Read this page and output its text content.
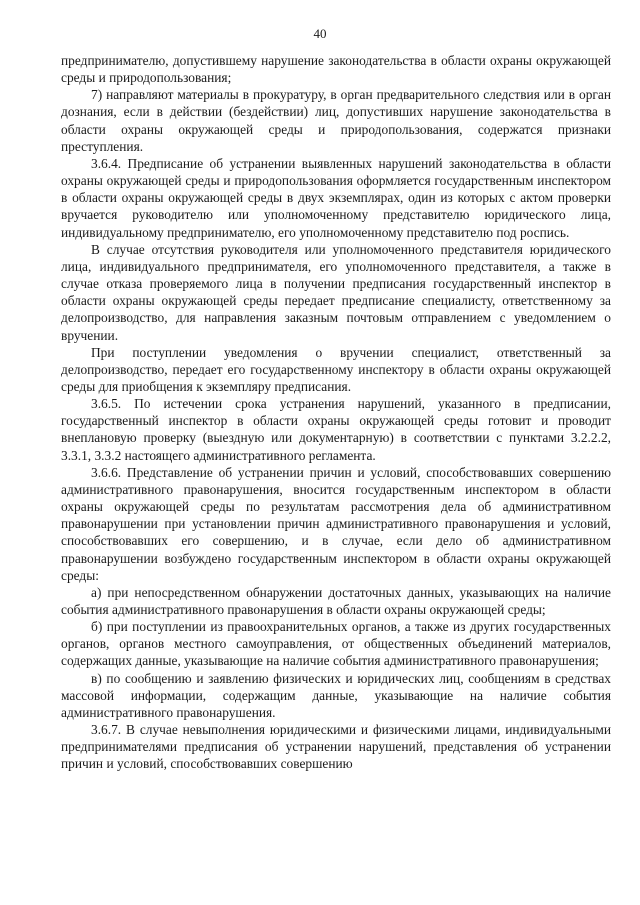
40

предпринимателю, допустившему нарушение законодательства в области охраны окружающей среды и природопользования;

7) направляют материалы в прокуратуру, в орган предварительного следствия или в орган дознания, если в действии (бездействии) лиц, допустивших нарушение законодательства в области охраны окружающей среды и природопользования, содержатся признаки преступления.

3.6.4. Предписание об устранении выявленных нарушений законодательства в области охраны окружающей среды и природопользования оформляется государственным инспектором в области охраны окружающей среды в двух экземплярах, один из которых с актом проверки вручается руководителю или уполномоченному представителю юридического лица, индивидуальному предпринимателю, его уполномоченному представителю под роспись.

В случае отсутствия руководителя или уполномоченного представителя юридического лица, индивидуального предпринимателя, его уполномоченного представителя, а также в случае отказа проверяемого лица в получении предписания государственный инспектор в области охраны окружающей среды передает предписание специалисту, ответственному за делопроизводство, для направления заказным почтовым отправлением с уведомлением о вручении.

При поступлении уведомления о вручении специалист, ответственный за делопроизводство, передает его государственному инспектору в области охраны окружающей среды для приобщения к экземпляру предписания.

3.6.5. По истечении срока устранения нарушений, указанного в предписании, государственный инспектор в области охраны окружающей среды готовит и проводит внеплановую проверку (выездную или документарную) в соответствии с пунктами 3.2.2.2, 3.3.1, 3.3.2 настоящего административного регламента.

3.6.6. Представление об устранении причин и условий, способствовавших совершению административного правонарушения, вносится государственным инспектором в области охраны окружающей среды по результатам рассмотрения дела об административном правонарушении при установлении причин административного правонарушения и условий, способствовавших его совершению, и в случае, если дело об административном правонарушении возбуждено государственным инспектором в области охраны окружающей среды:

а) при непосредственном обнаружении достаточных данных, указывающих на наличие события административного правонарушения в области охраны окружающей среды;

б) при поступлении из правоохранительных органов, а также из других государственных органов, органов местного самоуправления, от общественных объединений материалов, содержащих данные, указывающие на наличие события административного правонарушения;

в) по сообщению и заявлению физических и юридических лиц, сообщениям в средствах массовой информации, содержащим данные, указывающие на наличие события административного правонарушения.

3.6.7. В случае невыполнения юридическими и физическими лицами, индивидуальными предпринимателями предписания об устранении нарушений, представления об устранении причин и условий, способствовавших совершению
